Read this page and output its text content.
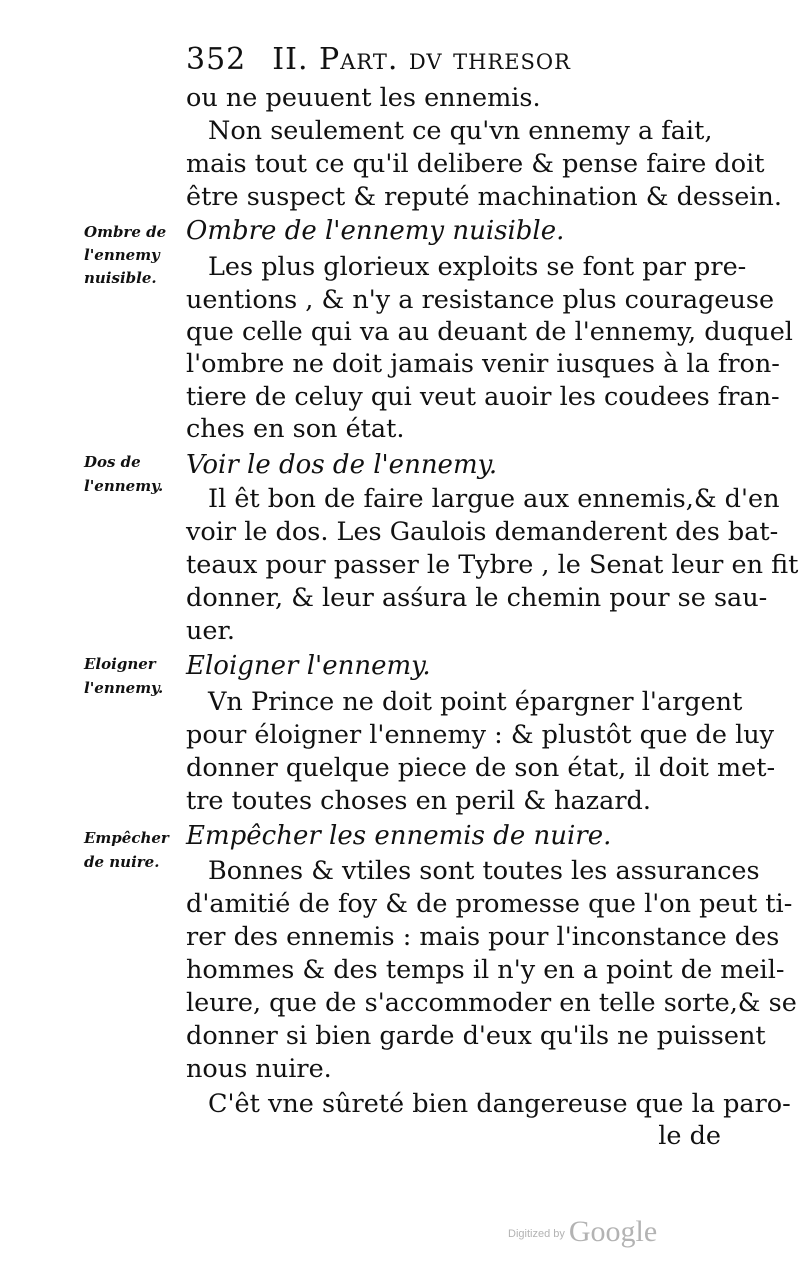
352 II. Part. dv thresor
ou ne peuuent les ennemis.
Non seulement ce qu'vn ennemy a fait,
mais tout ce qu'il delibere & pense faire doit
être suspect & reputé machination & dessein.
Ombre de l'ennemy nuisible.
Les plus glorieux exploits se font par pre-
uentions , & n'y a resistance plus courageuse
que celle qui va au deuant de l'ennemy, duquel
l'ombre ne doit jamais venir iusques à la fron-
tiere de celuy qui veut auoir les coudees fran-
ches en son état.
Voir le dos de l'ennemy.
Il êt bon de faire largue aux ennemis,& d'en
voir le dos. Les Gaulois demanderent des bat-
teaux pour passer le Tybre , le Senat leur en fit
donner, & leur asśura le chemin pour se sau-
uer.
Eloigner l'ennemy.
Vn Prince ne doit point épargner l'argent
pour éloigner l'ennemy : & plustôt que de luy
donner quelque piece de son état, il doit met-
tre toutes choses en peril & hazard.
Empêcher les ennemis de nuire.
Bonnes & vtiles sont toutes les assurances
d'amitié de foy & de promesse que l'on peut ti-
rer des ennemis : mais pour l'inconstance des
hommes & des temps il n'y en a point de meil-
leure, que de s'accommoder en telle sorte,& se
donner si bien garde d'eux qu'ils ne puissent
nous nuire.
C'êt vne sûreté bien dangereuse que la paro-
le de
Ombre de
l'ennemy
nuisible.
Dos de
l'ennemy.
Eloigner
l'ennemy.
Empêcher
de nuire.
$^{Digitized by}$ Google
